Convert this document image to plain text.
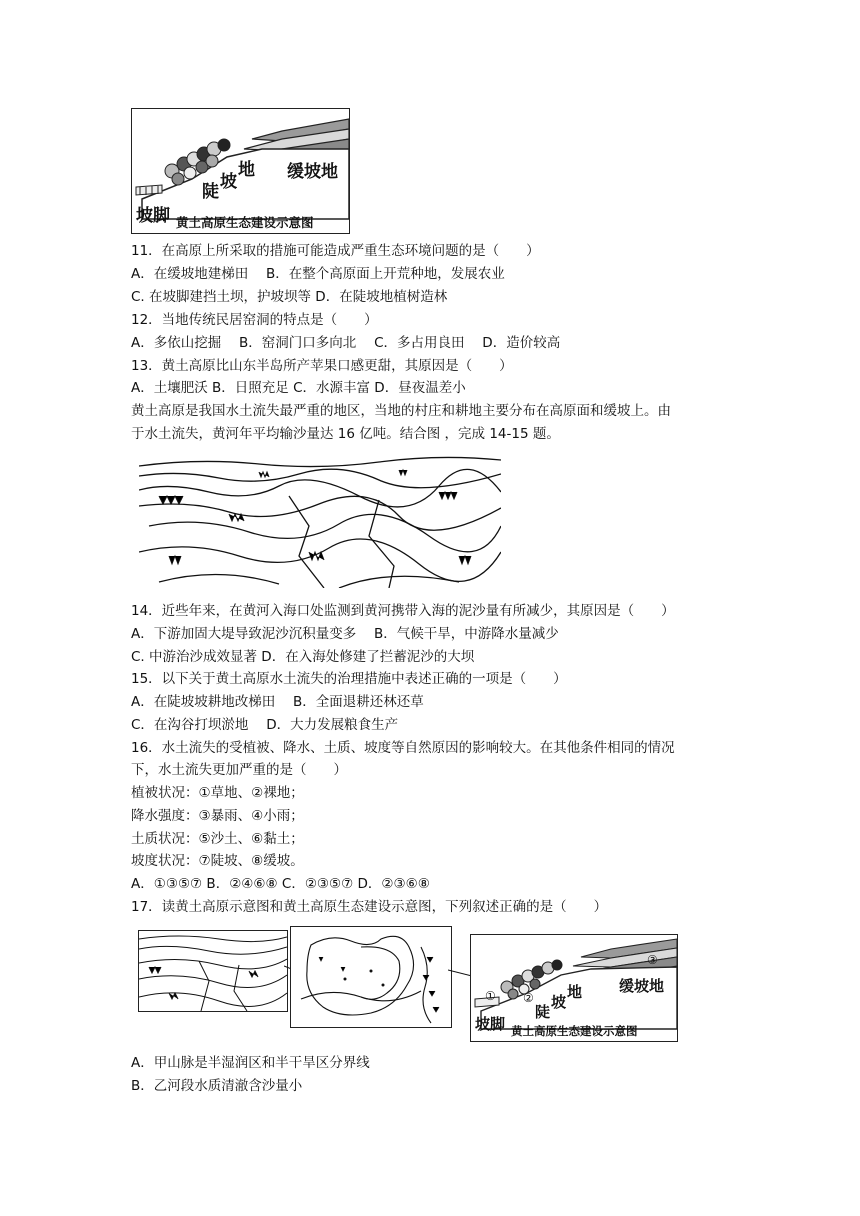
坡脚
陡 坡
地 缓坡地
黄土高原生态建设示意图
11．在高原上所采取的措施可能造成严重生态环境问题的是（　　）
A．在缓坡地建梯田　 B．在整个高原面上开荒种地，发展农业
C. 在坡脚建挡土坝，护坡坝等 D．在陡坡地植树造林
12．当地传统民居窑洞的特点是（　　）
A．多依山挖掘　 B．窑洞门口多向北　 C．多占用良田　 D．造价较高
13．黄土高原比山东半岛所产苹果口感更甜，其原因是（　　）
A．土壤肥沃 B．日照充足 C．水源丰富 D．昼夜温差小
黄土高原是我国水土流失最严重的地区，当地的村庄和耕地主要分布在高原面和缓坡上。由
于水土流失，黄河年平均输沙量达 16 亿吨。结合图 ，完成 14-15 题。
14．近些年来，在黄河入海口处监测到黄河携带入海的泥沙量有所减少，其原因是（　　）
A．下游加固大堤导致泥沙沉积量变多　 B．气候干旱，中游降水量减少
C. 中游治沙成效显著 D．在入海处修建了拦蓄泥沙的大坝
15．以下关于黄土高原水土流失的治理措施中表述正确的一项是（　　）
A．在陡坡坡耕地改梯田　 B．全面退耕还林还草
C．在沟谷打坝淤地　 D．大力发展粮食生产
16．水土流失的受植被、降水、土质、坡度等自然原因的影响较大。在其他条件相同的情况
下，水土流失更加严重的是（　　）
植被状况：①草地、②裸地；
降水强度：③暴雨、④小雨；
土质状况：⑤沙土、⑥黏土；
坡度状况：⑦陡坡、⑧缓坡。
A．①③⑤⑦ B．②④⑥⑧ C．②③⑤⑦ D．②③⑥⑧
17．读黄土高原示意图和黄土高原生态建设示意图，下列叙述正确的是（　　）
① ②
③
坡脚
陡
坡
地 缓坡地
黄土高原生态建设示意图
A．甲山脉是半湿润区和半干旱区分界线
B．乙河段水质清澈含沙量小
